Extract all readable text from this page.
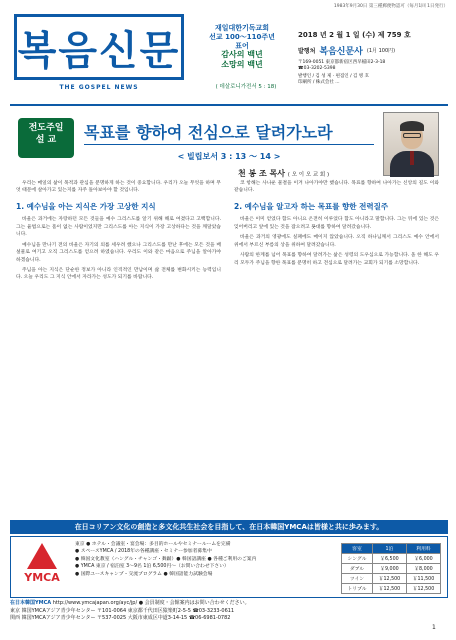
1983年9月30日 第三種郵便物認可（毎月1回 1日発行）
복음신문
THE GOSPEL NEWS
재일대한기독교회
선교 100〜110주년
표어
감사의 백년
소망의 백년
( 데살로니가전서 5 : 18)
2018 년 2 월 1 일 (수) 제 759 호
발행처 복음신문사 (1月 100円)
〒169-0051 東京都新宿区西早稲田2-3-18
☎03-3202-5398
발행인 / 김 성 제 · 편집인 / 김 병 호
印刷所 / 株式会社 ...
전도주일
설 교	목표를 향하여 전심으로 달려가노라
< 빌립보서 3 : 13 〜 14 >
천 봉 조 목사 ( 오 이 오 교 회 )
우리는 매일의 삶이 목적과 관심을 분명하게 하는 것이 중요합니다. 우리가 오늘 무엇을 하며 무엇 때문에 살아가고 있는지를 자주 돌아보아야 할 것입니다.
1. 예수님을 아는 지식은 가장 고상한 지식
바울은 과거에는 자랑하던 모든 것들을 예수 그리스도를 알기 위해 해로 여겼다고 고백합니다. 그는 율법으로는 흠이 없는 사람이었지만 그리스도를 아는 지식이 가장 고상하다는 것을 깨달았습니다.
예수님을 만나기 전의 바울은 자기의 의를 세우려 했으나 그리스도를 만난 후에는 모든 것을 배설물로 여기고 오직 그리스도를 얻으려 하였습니다. 우리도 이와 같은 마음으로 주님을 알아가야 하겠습니다.
주님을 아는 지식은 단순한 정보가 아니라 인격적인 만남이며 삶 전체를 변화시키는 능력입니다. 오늘 우리도 그 지식 안에서 자라가는 성도가 되기를 바랍니다.
코 항해는 사나운 물결을 이겨 나아가야만 했습니다. 목표를 향하여 나아가는 신앙의 길도 이와 같습니다.
2. 예수님을 알고자 하는 목표를 향한 전력질주
바울은 이미 얻었다 함도 아니요 온전히 이루었다 함도 아니라고 말합니다. 그는 뒤에 있는 것은 잊어버리고 앞에 있는 것을 잡으려고 푯대를 향하여 달려갔습니다.
바울은 과거의 영광에도 실패에도 매이지 않았습니다. 오직 하나님께서 그리스도 예수 안에서 위에서 부르신 부름의 상을 위하여 달려갔습니다.
사람의 한계를 넘어 목표를 향하여 달려가는 삶은 성령의 도우심으로 가능합니다. 올 한 해도 우리 모두가 주님을 향한 목표를 분명히 하고 전심으로 달려가는 교회가 되기를 소망합니다.
在日コリアン文化の創造と多文化共生社会を目指して、在日本韓国YMCAは皆様と共に歩みます。
YMCA
東京 ● ホテル・会議室・宴会場：多目的ホールやセミナールームを完備
● スペースYMCA / 2018年の各種講座・セミナー参加者募集中
● 韓国文化教室（ハングル・チャンゴ・舞踊）● 韓国語講座 ● 各種ご利用のご案内
● YMCA 東京 / 宿泊室 3〜9名 1泊 6,500円〜（お問い合わせ下さい）
● 国際ユースキャンプ・交流プログラム ● 韓国語能力試験会場
客室	1泊	利用料
シングル	￥6,500	￥6,000
ダブル	￥9,000	￥8,000
ツイン	￥12,500	￥11,500
トリプル	￥12,500	￥12,500
在日本韓国YMCA http://www.ymcajapan.org/ayc/jp/ ● 会員制度・会館案内はお問い合わせください。
東京 韓国YMCAアジア青少年センター 〒101-0064 東京都千代田区猿楽町2-5-5 ☎03-3233-0611
関西 韓国YMCAアジア青少年センター 〒537-0025 大阪市東成区中道3-14-15 ☎06-6981-0782
1
